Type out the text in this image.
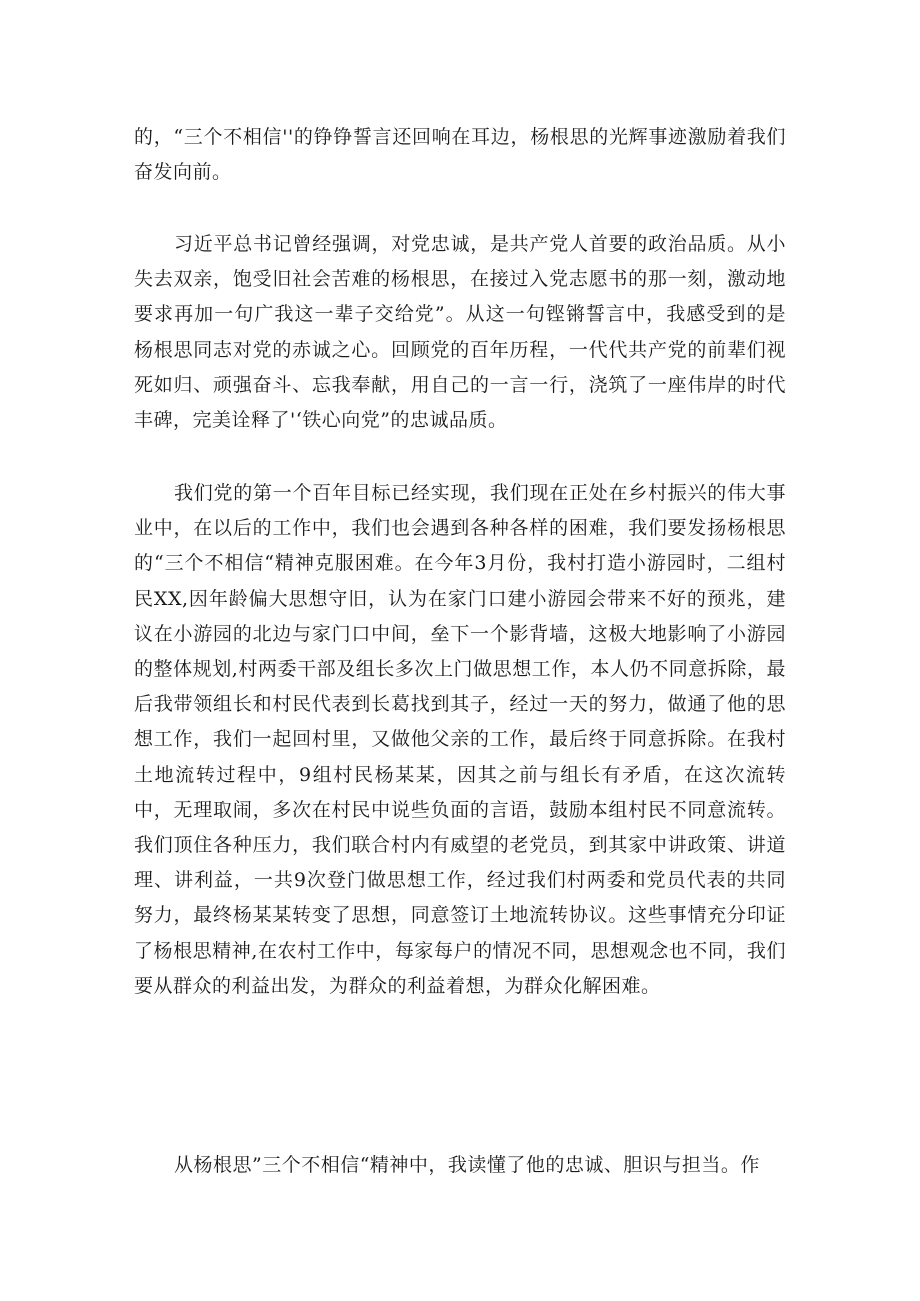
的，“三个不相信''的铮铮誓言还回响在耳边，杨根思的光辉事迹激励着我们奋发向前。

习近平总书记曾经强调，对党忠诚，是共产党人首要的政治品质。从小失去双亲，饱受旧社会苦难的杨根思，在接过入党志愿书的那一刻，激动地要求再加一句广我这一辈子交给党”。从这一句铿锵誓言中，我感受到的是杨根思同志对党的赤诚之心。回顾党的百年历程，一代代共产党的前辈们视死如归、顽强奋斗、忘我奉献，用自己的一言一行，浇筑了一座伟岸的时代丰碑，完美诠释了'‘铁心向党”的忠诚品质。

我们党的第一个百年目标已经实现，我们现在正处在乡村振兴的伟大事业中，在以后的工作中，我们也会遇到各种各样的困难，我们要发扬杨根思的“三个不相信“精神克服困难。在今年3月份，我村打造小游园时，二组村民XX,因年龄偏大思想守旧，认为在家门口建小游园会带来不好的预兆，建议在小游园的北边与家门口中间，垒下一个影背墙，这极大地影响了小游园的整体规划,村两委干部及组长多次上门做思想工作，本人仍不同意拆除，最后我带领组长和村民代表到长葛找到其子，经过一天的努力，做通了他的思想工作，我们一起回村里，又做他父亲的工作，最后终于同意拆除。在我村土地流转过程中，9组村民杨某某，因其之前与组长有矛盾，在这次流转中，无理取闹，多次在村民中说些负面的言语，鼓励本组村民不同意流转。我们顶住各种压力，我们联合村内有威望的老党员，到其家中讲政策、讲道理、讲利益，一共9次登门做思想工作，经过我们村两委和党员代表的共同努力，最终杨某某转变了思想，同意签订土地流转协议。这些事情充分印证了杨根思精神,在农村工作中，每家每户的情况不同，思想观念也不同，我们要从群众的利益出发，为群众的利益着想，为群众化解困难。

从杨根思”三个不相信“精神中，我读懂了他的忠诚、胆识与担当。作
